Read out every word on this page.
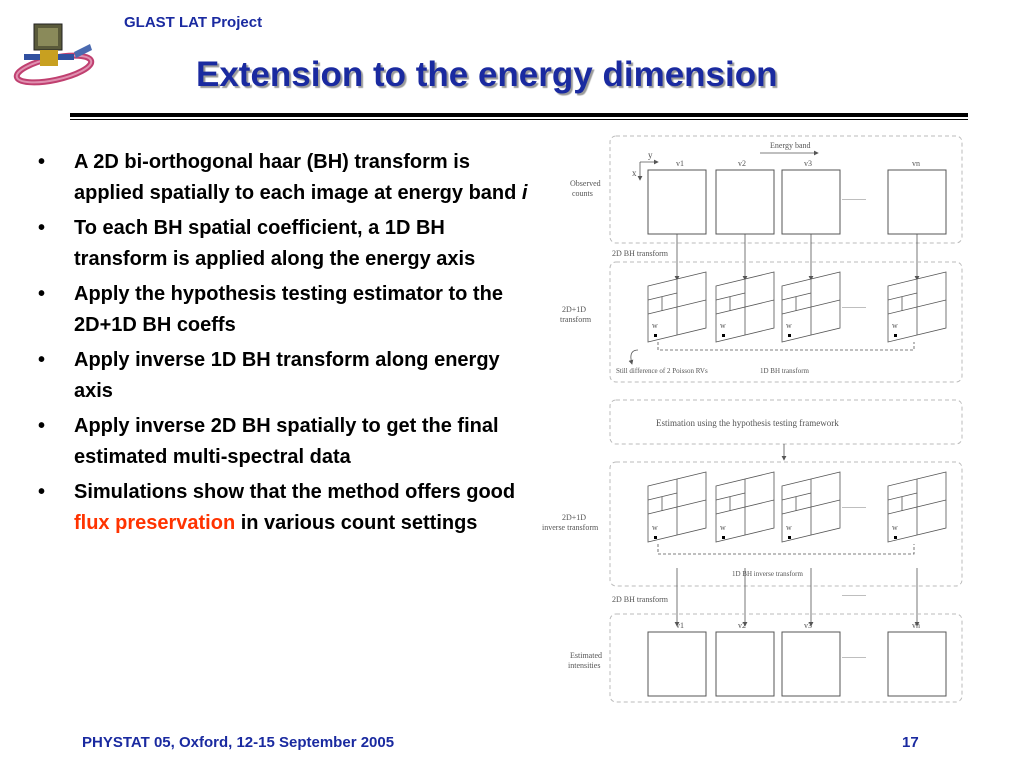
GLAST LAT Project
Extension to the energy dimension
• A 2D bi-orthogonal haar (BH) transform is applied spatially to each image at energy band i
• To each BH spatial coefficient, a 1D BH transform is applied along the energy axis
• Apply the hypothesis testing estimator to the 2D+1D BH coeffs
• Apply inverse 1D BH transform along energy axis
• Apply inverse 2D BH spatially to get the final estimated multi-spectral data
• Simulations show that the method offers good flux preservation in various count settings
Energy band
y
x
Observed
counts
v1	v2	v3	vn
............
2D BH transform
2D+1D
transform
............
w	w	w	w
Still difference of 2 Poisson RVs	1D BH transform
Estimation using the hypothesis testing framework
2D+1D
inverse transform
............
w	w	w	w
1D BH inverse transform
2D BH transform
............
Estimated
intensities
v1	v2	v3	vn
............
PHYSTAT 05, Oxford, 12-15 September 2005	17
